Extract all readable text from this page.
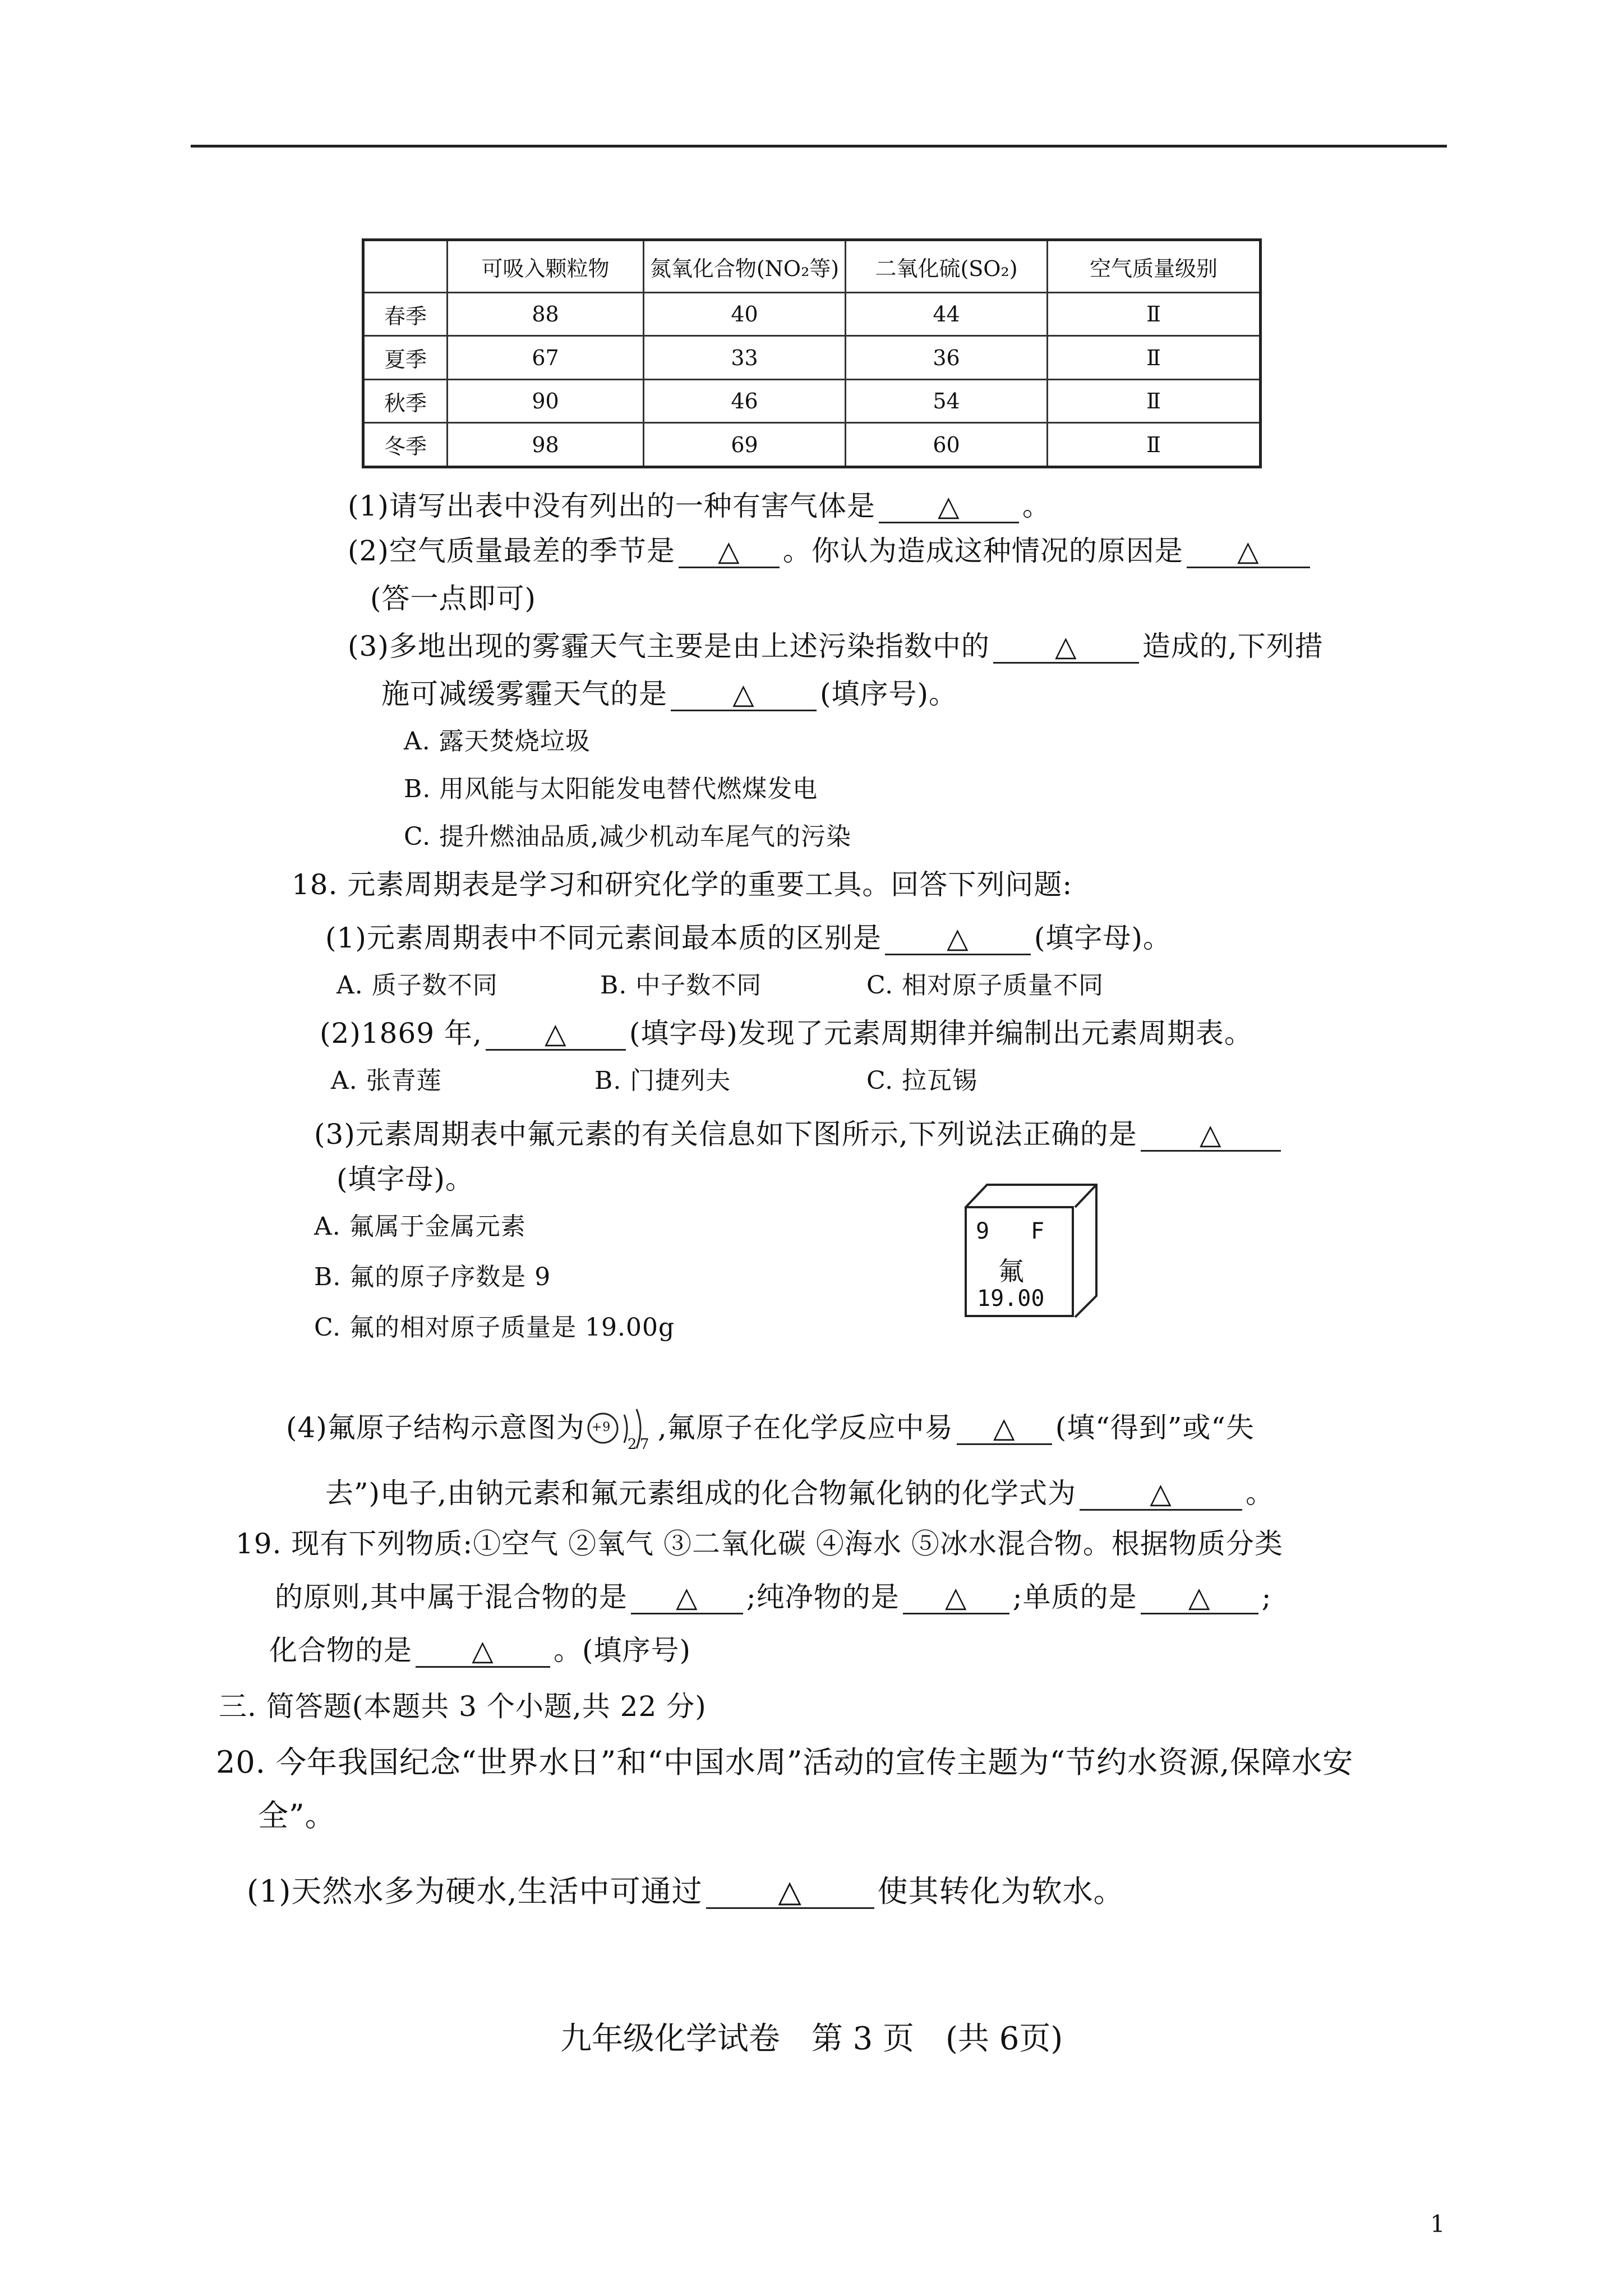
	可吸入颗粒物	氮氧化合物(NO₂等)	二氧化硫(SO₂)	空气质量级别
春季	88	40	44	Ⅱ
夏季	67	33	36	Ⅱ
秋季	90	46	54	Ⅱ
冬季	98	69	60	Ⅱ
(1)请写出表中没有列出的一种有害气体是 △ 。
(2)空气质量最差的季节是 △ 。你认为造成这种情况的原因是 △
(答一点即可)
(3)多地出现的雾霾天气主要是由上述污染指数中的 △ 造成的,下列措
施可减缓雾霾天气的是 △ (填序号)。
A. 露天焚烧垃圾
B. 用风能与太阳能发电替代燃煤发电
C. 提升燃油品质,减少机动车尾气的污染
18. 元素周期表是学习和研究化学的重要工具。回答下列问题:
(1)元素周期表中不同元素间最本质的区别是 △ (填字母)。
A. 质子数不同	B. 中子数不同	C. 相对原子质量不同
(2)1869 年, △ (填字母)发现了元素周期律并编制出元素周期表。
A. 张青莲	B. 门捷列夫	C. 拉瓦锡
(3)元素周期表中氟元素的有关信息如下图所示,下列说法正确的是 △
(填字母)。
A. 氟属于金属元素
B. 氟的原子序数是 9
C. 氟的相对原子质量是 19.00g
9 F
氟
19.00
(4)氟原子结构示意图为 +9
2 7
,氟原子在化学反应中易 △ (填“得到”或“失
去”)电子,由钠元素和氟元素组成的化合物氟化钠的化学式为	△	。
19. 现有下列物质:①空气 ②氧气 ③二氧化碳 ④海水 ⑤冰水混合物。根据物质分类
的原则,其中属于混合物的是 △ ;纯净物的是 △ ;单质的是 △ ;
化合物的是 △ 。(填序号)
三. 简答题(本题共 3 个小题,共 22 分)
20. 今年我国纪念“世界水日”和“中国水周”活动的宣传主题为“节约水资源,保障水安
全”。
(1)天然水多为硬水,生活中可通过 △ 使其转化为软水。
九年级化学试卷　第 3 页　(共 6页)
1
